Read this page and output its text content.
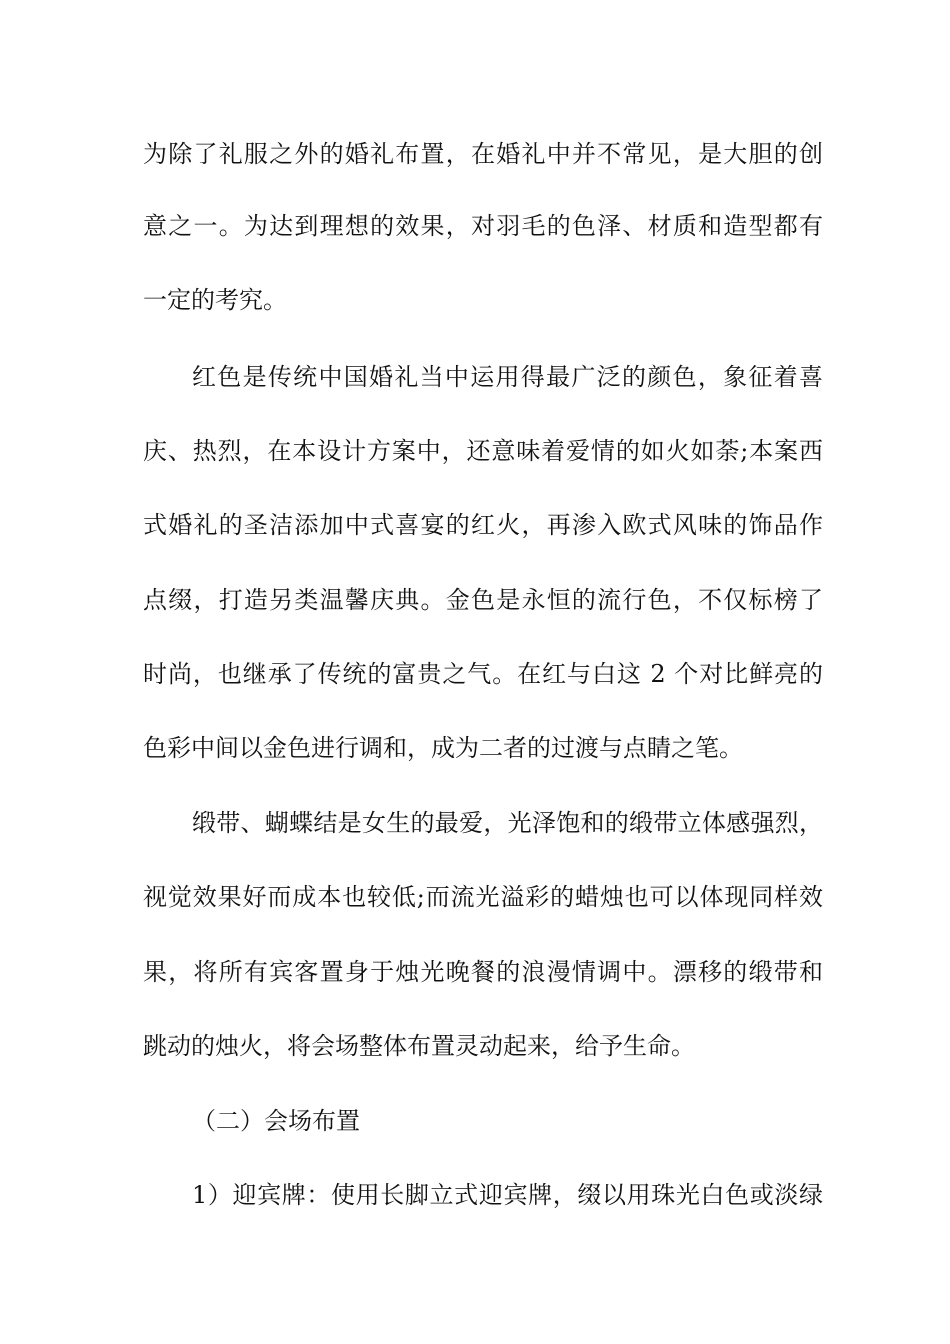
为除了礼服之外的婚礼布置，在婚礼中并不常见，是大胆的创
意之一。为达到理想的效果，对羽毛的色泽、材质和造型都有
一定的考究。
红色是传统中国婚礼当中运用得最广泛的颜色，象征着喜
庆、热烈，在本设计方案中，还意味着爱情的如火如荼;本案西
式婚礼的圣洁添加中式喜宴的红火，再渗入欧式风味的饰品作
点缀，打造另类温馨庆典。金色是永恒的流行色，不仅标榜了
时尚，也继承了传统的富贵之气。在红与白这 2 个对比鲜亮的
色彩中间以金色进行调和，成为二者的过渡与点睛之笔。
缎带、蝴蝶结是女生的最爱，光泽饱和的缎带立体感强烈，
视觉效果好而成本也较低;而流光溢彩的蜡烛也可以体现同样效
果，将所有宾客置身于烛光晚餐的浪漫情调中。漂移的缎带和
跳动的烛火，将会场整体布置灵动起来，给予生命。
（二）会场布置
1）迎宾牌：使用长脚立式迎宾牌，缀以用珠光白色或淡绿
